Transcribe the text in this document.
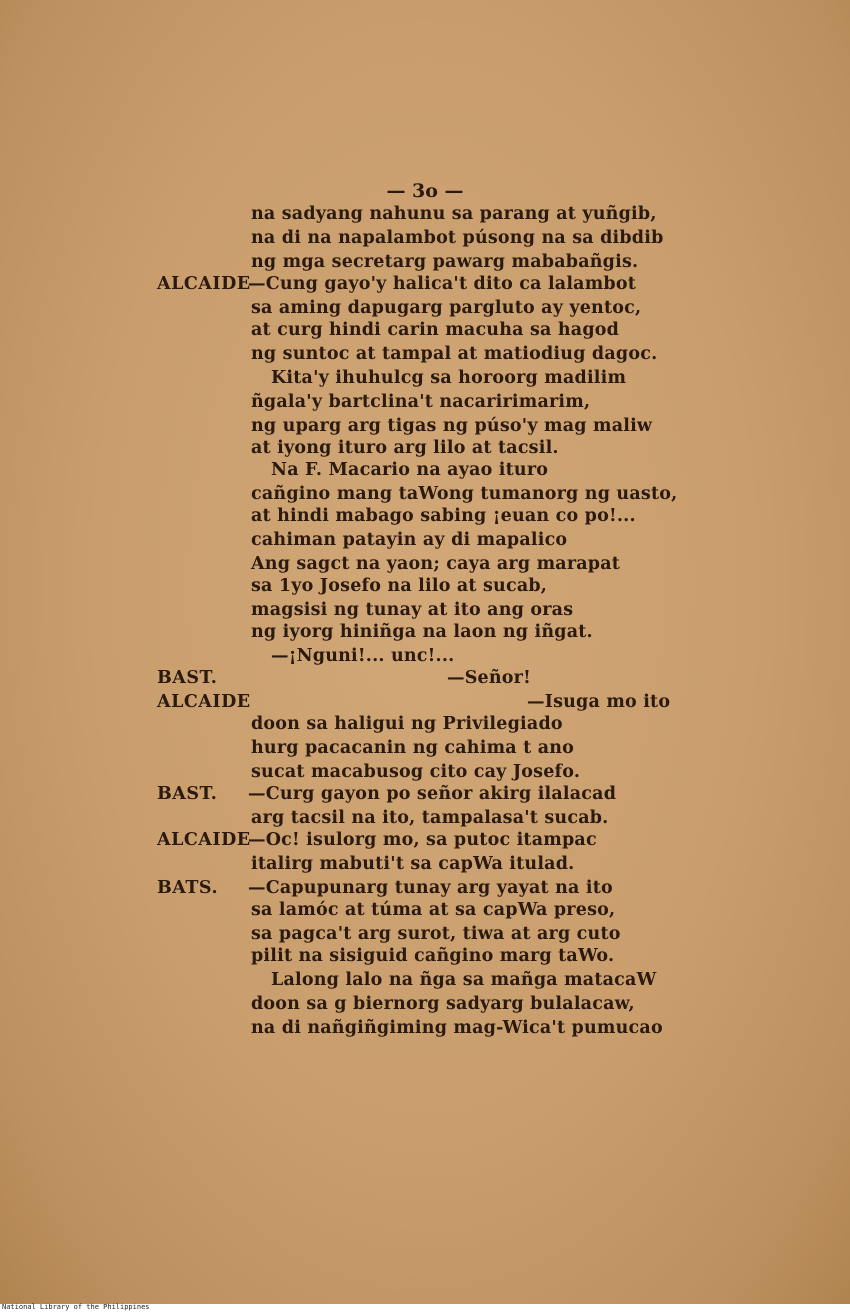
— 3o —
na sadyang nahunu sa parang at yuñgib,
na di na napalambot púsong na sa dibdib
ng mga secretarg pawarg mababañgis.
ALCAIDE
—Cung gayo'y halica't dito ca lalambot
sa aming dapugarg pargluto ay yentoc,
at curg hindi carin macuha sa hagod
ng suntoc at tampal at matiodiug dagoc.
Kita'y ihuhulcg sa horoorg madilim
ñgala'y bartclina't nacaririmarim,
ng uparg arg tigas ng púso'y mag maliw
at iyong ituro arg lilo at tacsil.
Na F. Macario na ayao ituro
cañgino mang taWong tumanorg ng uasto,
at hindi mabago sabing ¡euan co po!...
cahiman patayin ay di mapalico
Ang sagct na yaon; caya arg marapat
sa 1yo Josefo na lilo at sucab,
magsisi ng tunay at ito ang oras
ng iyorg hiniñga na laon ng iñgat.
—¡Nguni!... unc!...
BAST.	—Señor!
ALCAIDE	—Isuga mo ito
doon sa haligui ng Privilegiado
hurg pacacanin ng cahima t ano
sucat macabusog cito cay Josefo.
BAST. —Curg gayon po señor akirg ilalacad
arg tacsil na ito, tampalasa't sucab.
ALCAIDE
—Oc! isulorg mo, sa putoc itampac
italirg mabuti't sa capWa itulad.
BATS. —Capupunarg tunay arg yayat na ito
sa lamóc at túma at sa capWa preso,
sa pagca't arg surot, tiwa at arg cuto
pilit na sisiguid cañgino marg taWo.
Lalong lalo na ñga sa mañga matacaW
doon sa g biernorg sadyarg bulalacaw,
na di nañgiñgiming mag-Wica't pumucao
National Library of the Philippines
